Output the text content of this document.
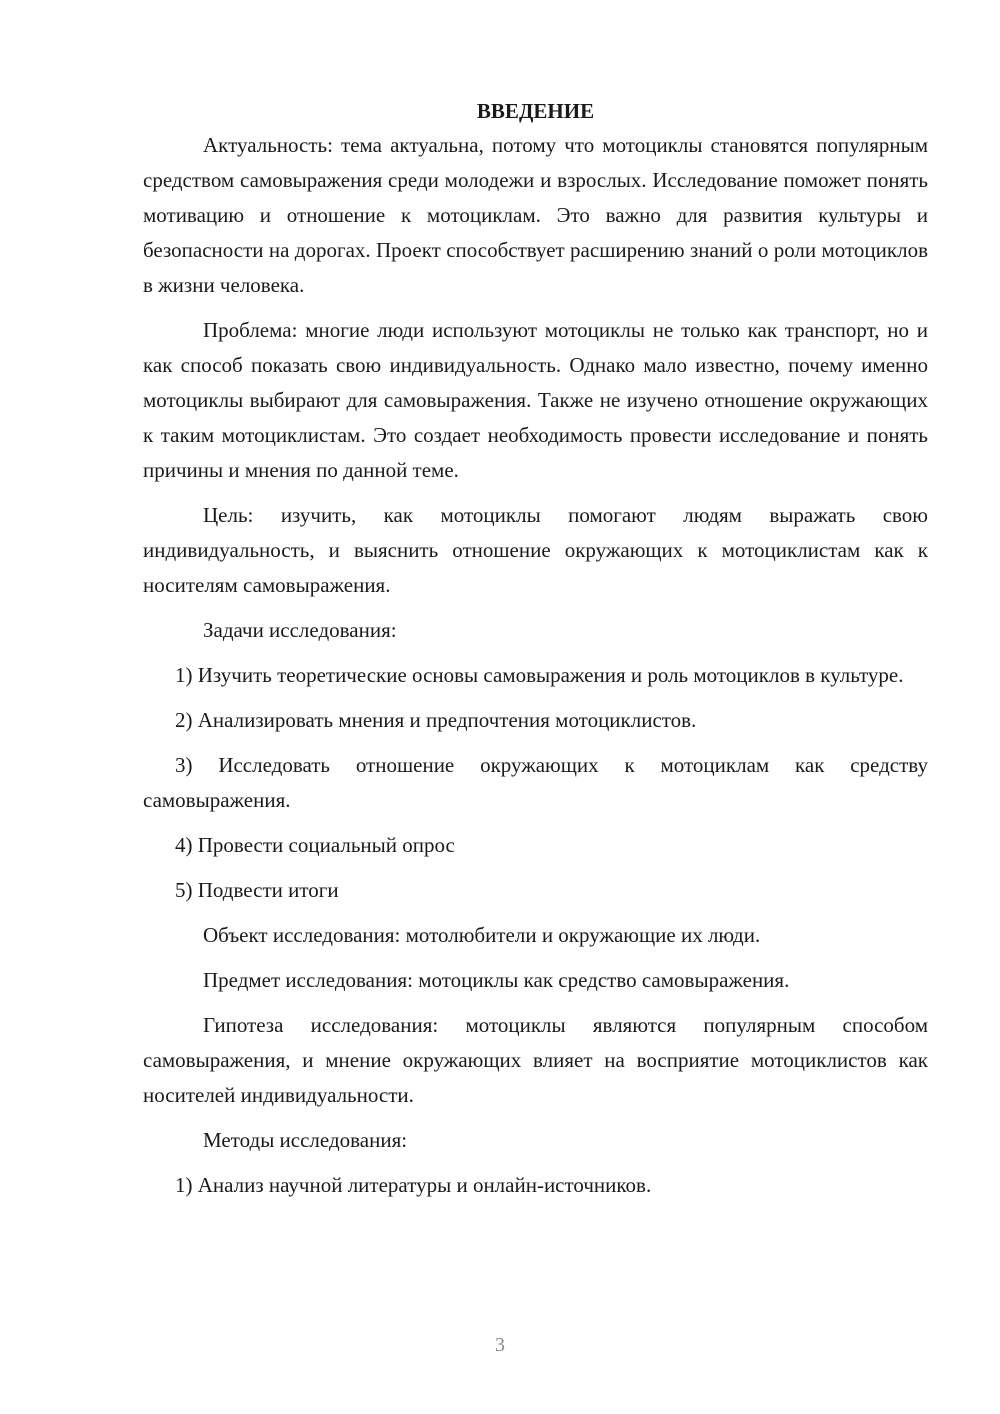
ВВЕДЕНИЕ

Актуальность: тема актуальна, потому что мотоциклы становятся популярным средством самовыражения среди молодежи и взрослых. Исследование поможет понять мотивацию и отношение к мотоциклам. Это важно для развития культуры и безопасности на дорогах. Проект способствует расширению знаний о роли мотоциклов в жизни человека.

Проблема: многие люди используют мотоциклы не только как транспорт, но и как способ показать свою индивидуальность. Однако мало известно, почему именно мотоциклы выбирают для самовыражения. Также не изучено отношение окружающих к таким мотоциклистам. Это создает необходимость провести исследование и понять причины и мнения по данной теме.

Цель: изучить, как мотоциклы помогают людям выражать свою индивидуальность, и выяснить отношение окружающих к мотоциклистам как к носителям самовыражения.

Задачи исследования:

1) Изучить теоретические основы самовыражения и роль мотоциклов в культуре.

2) Анализировать мнения и предпочтения мотоциклистов.

3) Исследовать отношение окружающих к мотоциклам как средству самовыражения.

4) Провести социальный опрос

5) Подвести итоги

Объект исследования: мотолюбители и окружающие их люди.

Предмет исследования: мотоциклы как средство самовыражения.

Гипотеза исследования: мотоциклы являются популярным способом самовыражения, и мнение окружающих влияет на восприятие мотоциклистов как носителей индивидуальности.

Методы исследования:

1) Анализ научной литературы и онлайн-источников.

3
